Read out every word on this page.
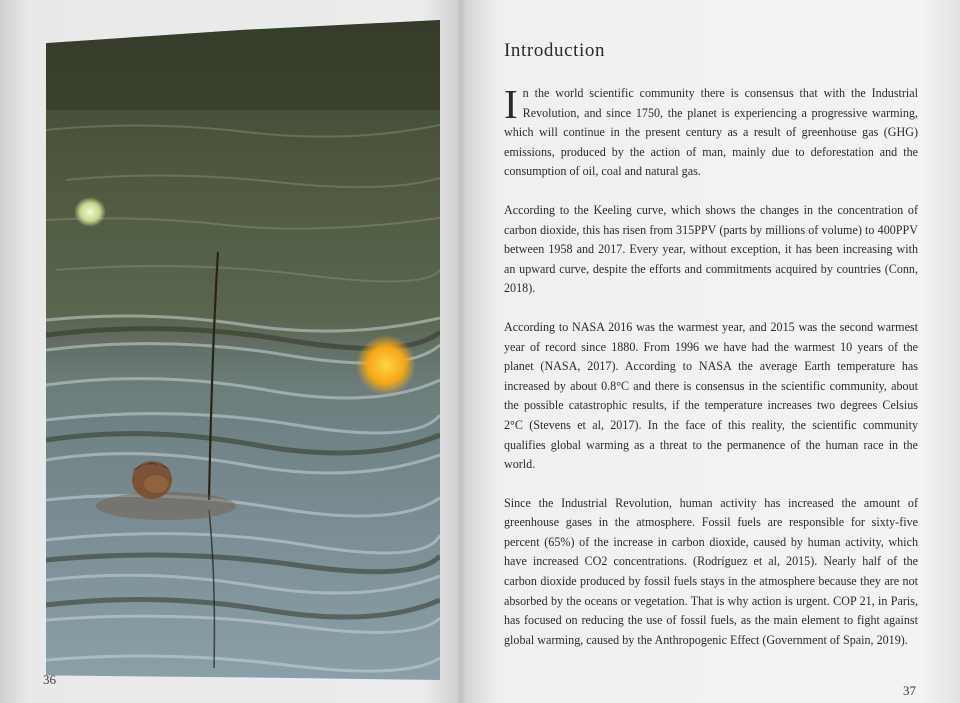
36
Introduction

In the world scientific community there is consensus that with the Industrial Revolution, and since 1750, the planet is experiencing a progressive warming, which will continue in the present century as a result of greenhouse gas (GHG) emissions, produced by the action of man, mainly due to deforestation and the consumption of oil, coal and natural gas.

According to the Keeling curve, which shows the changes in the concentration of carbon dioxide, this has risen from 315PPV (parts by millions of volume) to 400PPV between 1958 and 2017. Every year, without exception, it has been increasing with an upward curve, despite the efforts and commitments acquired by countries (Conn, 2018).

According to NASA 2016 was the warmest year, and 2015 was the second warmest year of record since 1880. From 1996 we have had the warmest 10 years of the planet (NASA, 2017). According to NASA the average Earth temperature has increased by about 0.8°C and there is consensus in the scientific community, about the possible catastrophic results, if the temperature increases two degrees Celsius 2°C (Stevens et al, 2017). In the face of this reality, the scientific community qualifies global warming as a threat to the permanence of the human race in the world.

Since the Industrial Revolution, human activity has increased the amount of greenhouse gases in the atmosphere. Fossil fuels are responsible for sixty-five percent (65%) of the increase in carbon dioxide, caused by human activity, which have increased CO2 concentrations. (Rodríguez et al, 2015). Nearly half of the carbon dioxide produced by fossil fuels stays in the atmosphere because they are not absorbed by the oceans or vegetation. That is why action is urgent. COP 21, in Paris, has focused on reducing the use of fossil fuels, as the main element to fight against global warming, caused by the Anthropogenic Effect (Government of Spain, 2019).

37
